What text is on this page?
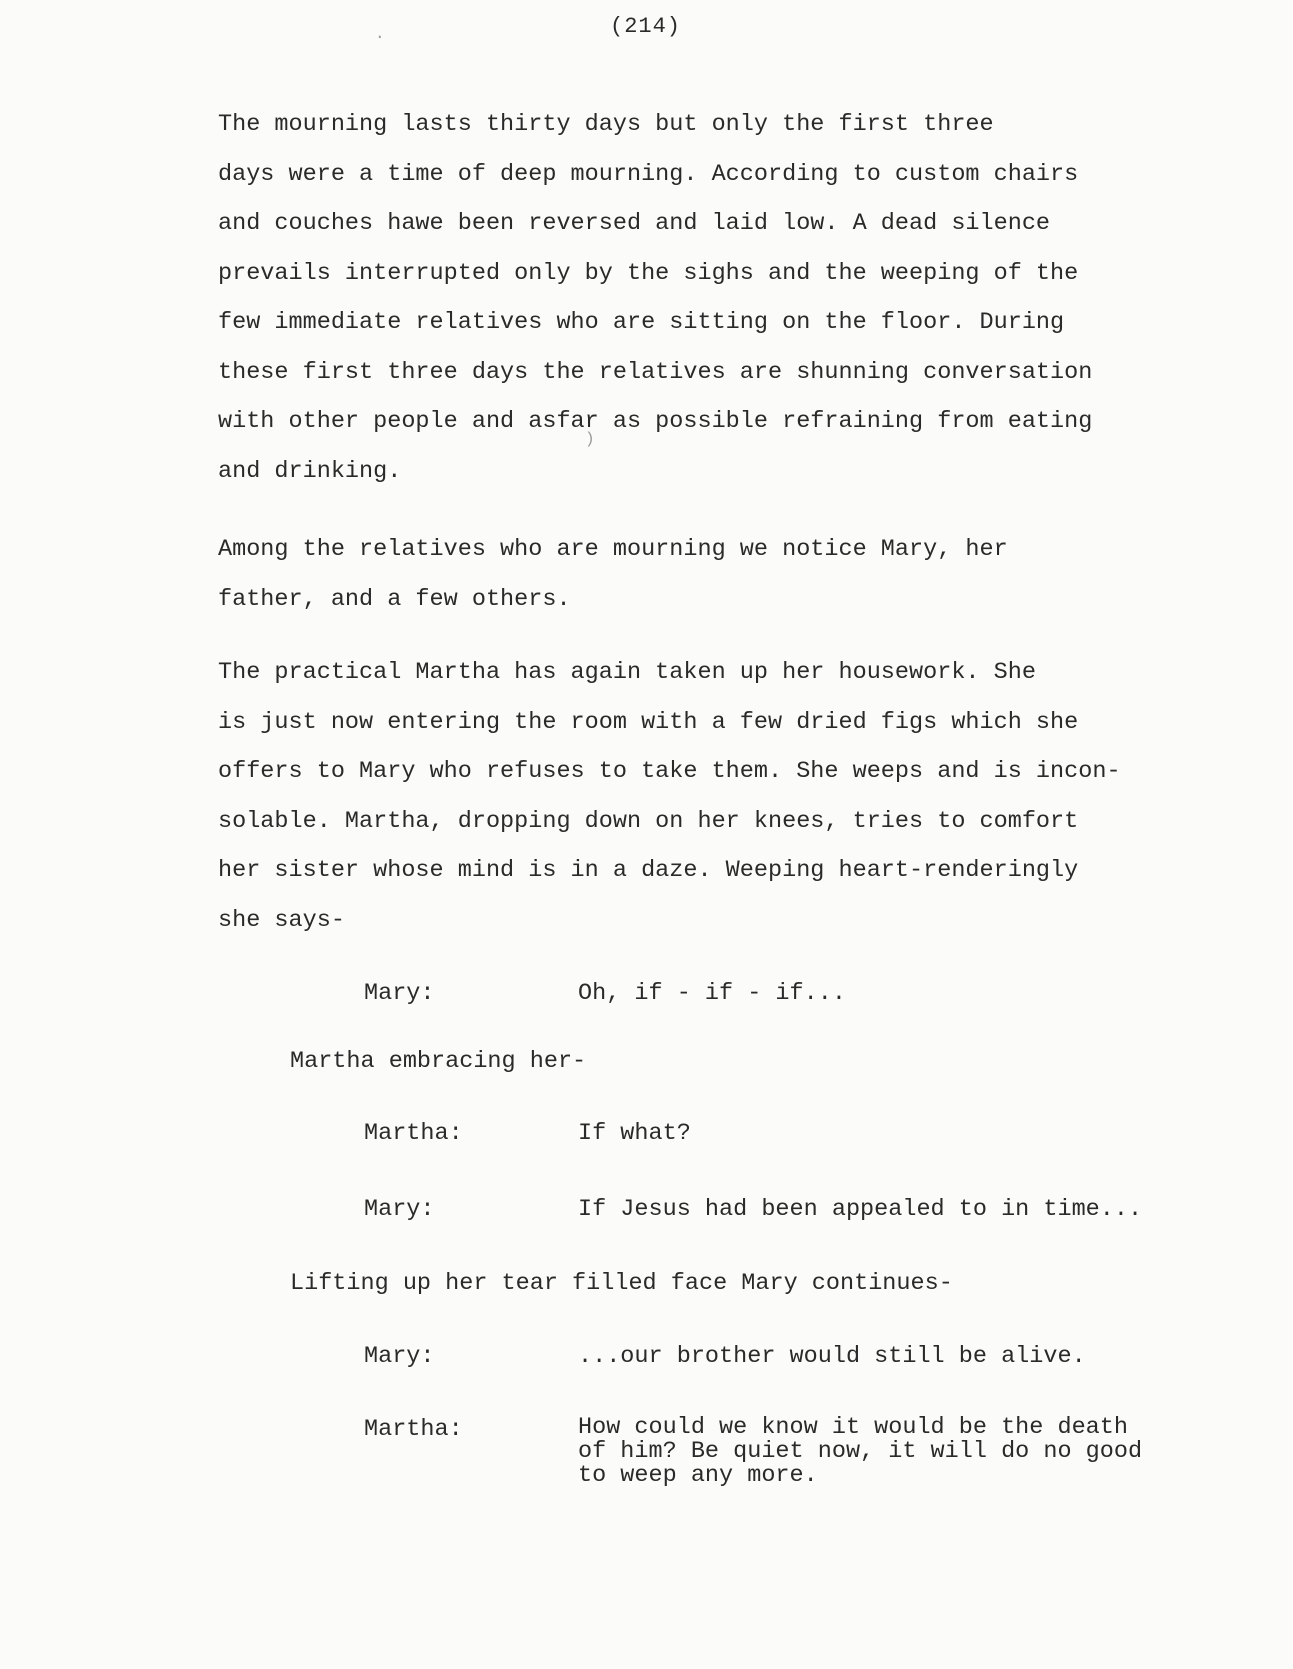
(214)
·
)

The mourning lasts thirty days but only the first three
days were a time of deep mourning. According to custom chairs
and couches hawe been reversed and laid low. A dead silence
prevails interrupted only by the sighs and the weeping of the
few immediate relatives who are sitting on the floor. During
these first three days the relatives are shunning conversation
with other people and asfar as possible refraining from eating
and drinking.

Among the relatives who are mourning we notice Mary, her
father, and a few others.

The practical Martha has again taken up her housework. She
is just now entering the room with a few dried figs which she
offers to Mary who refuses to take them. She weeps and is incon-
solable. Martha, dropping down on her knees, tries to comfort
her sister whose mind is in a daze. Weeping heart-renderingly
she says-

Mary:	Oh, if - if - if...

Martha embracing her-

Martha:	If what?
Mary:	If Jesus had been appealed to in time...

Lifting up her tear filled face Mary continues-

Mary:	...our brother would still be alive.
Martha:	How could we know it would be the death
of him? Be quiet now, it will do no good
to weep any more.
